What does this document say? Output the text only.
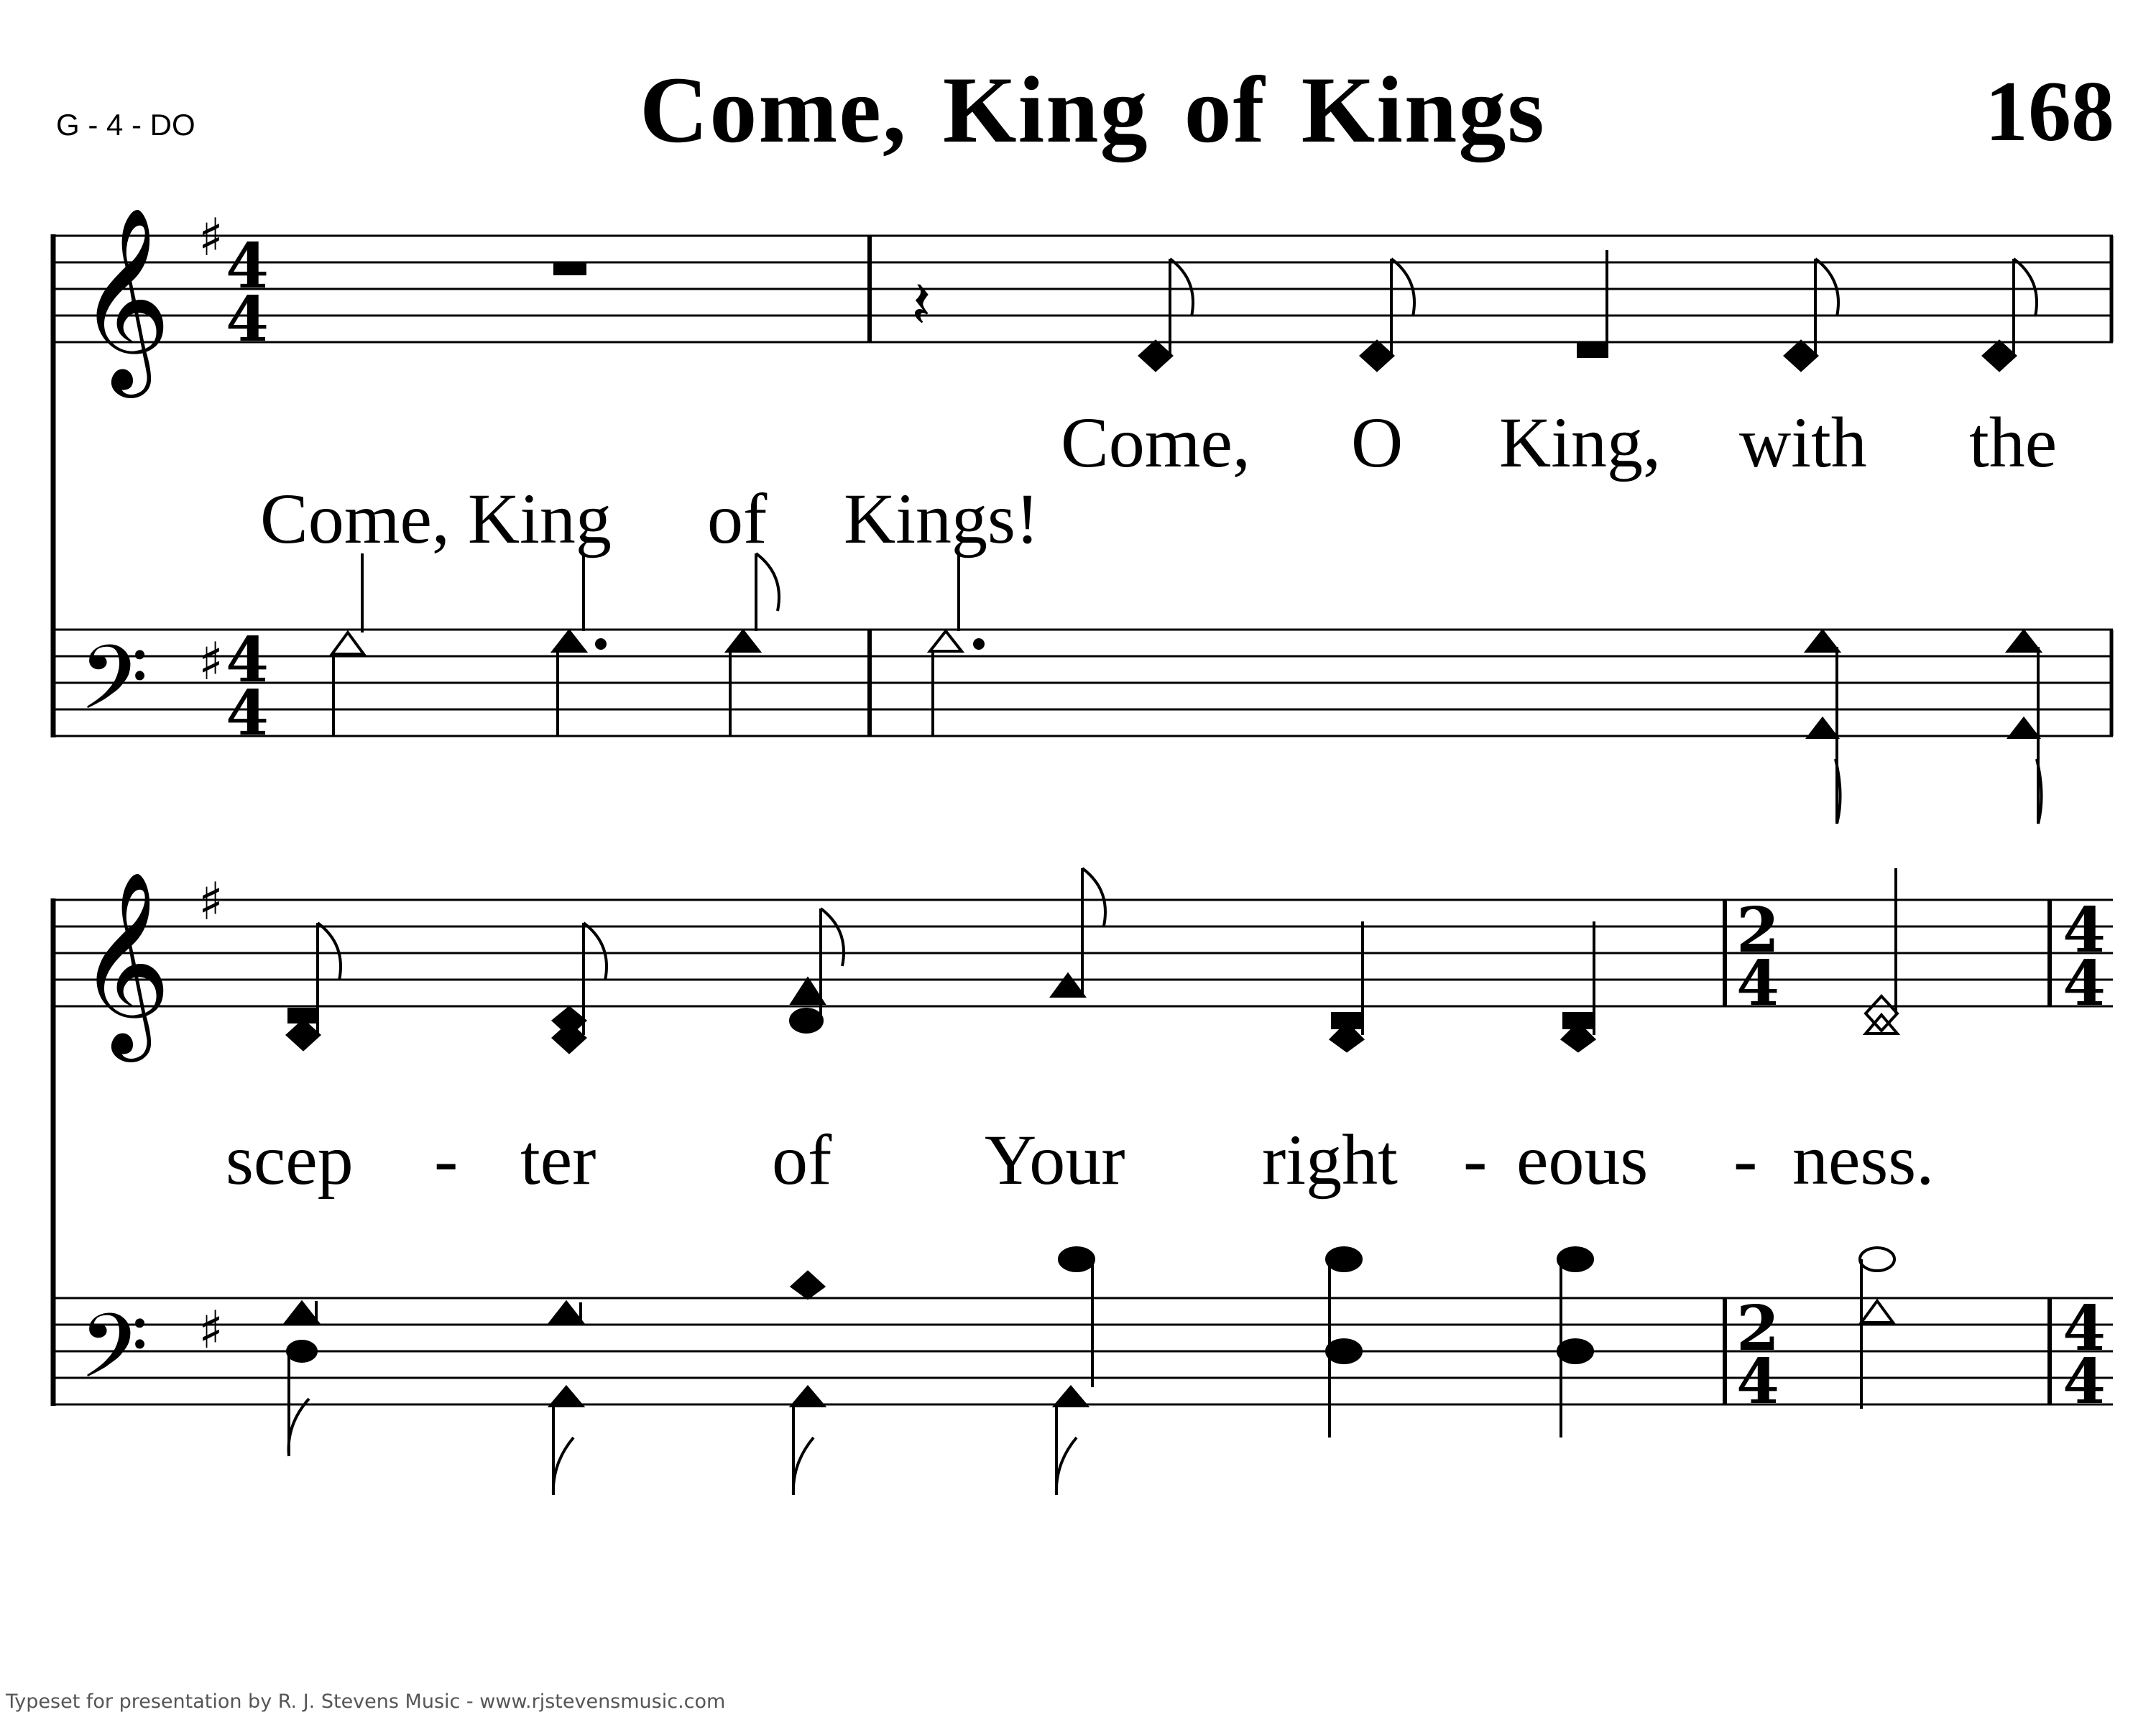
G - 4 - DO	Come, King of Kings	168
𝄞
𝄞
𝄢
𝄢
♯
♯
♯
♯
4
4
4
4
2
4
2
4
4
4
4
4
𝄽
Come, O King, with the
Come, King of Kings!
scep - ter of Your right - eous - ness.
Typeset for presentation by R. J. Stevens Music - www.rjstevensmusic.com
